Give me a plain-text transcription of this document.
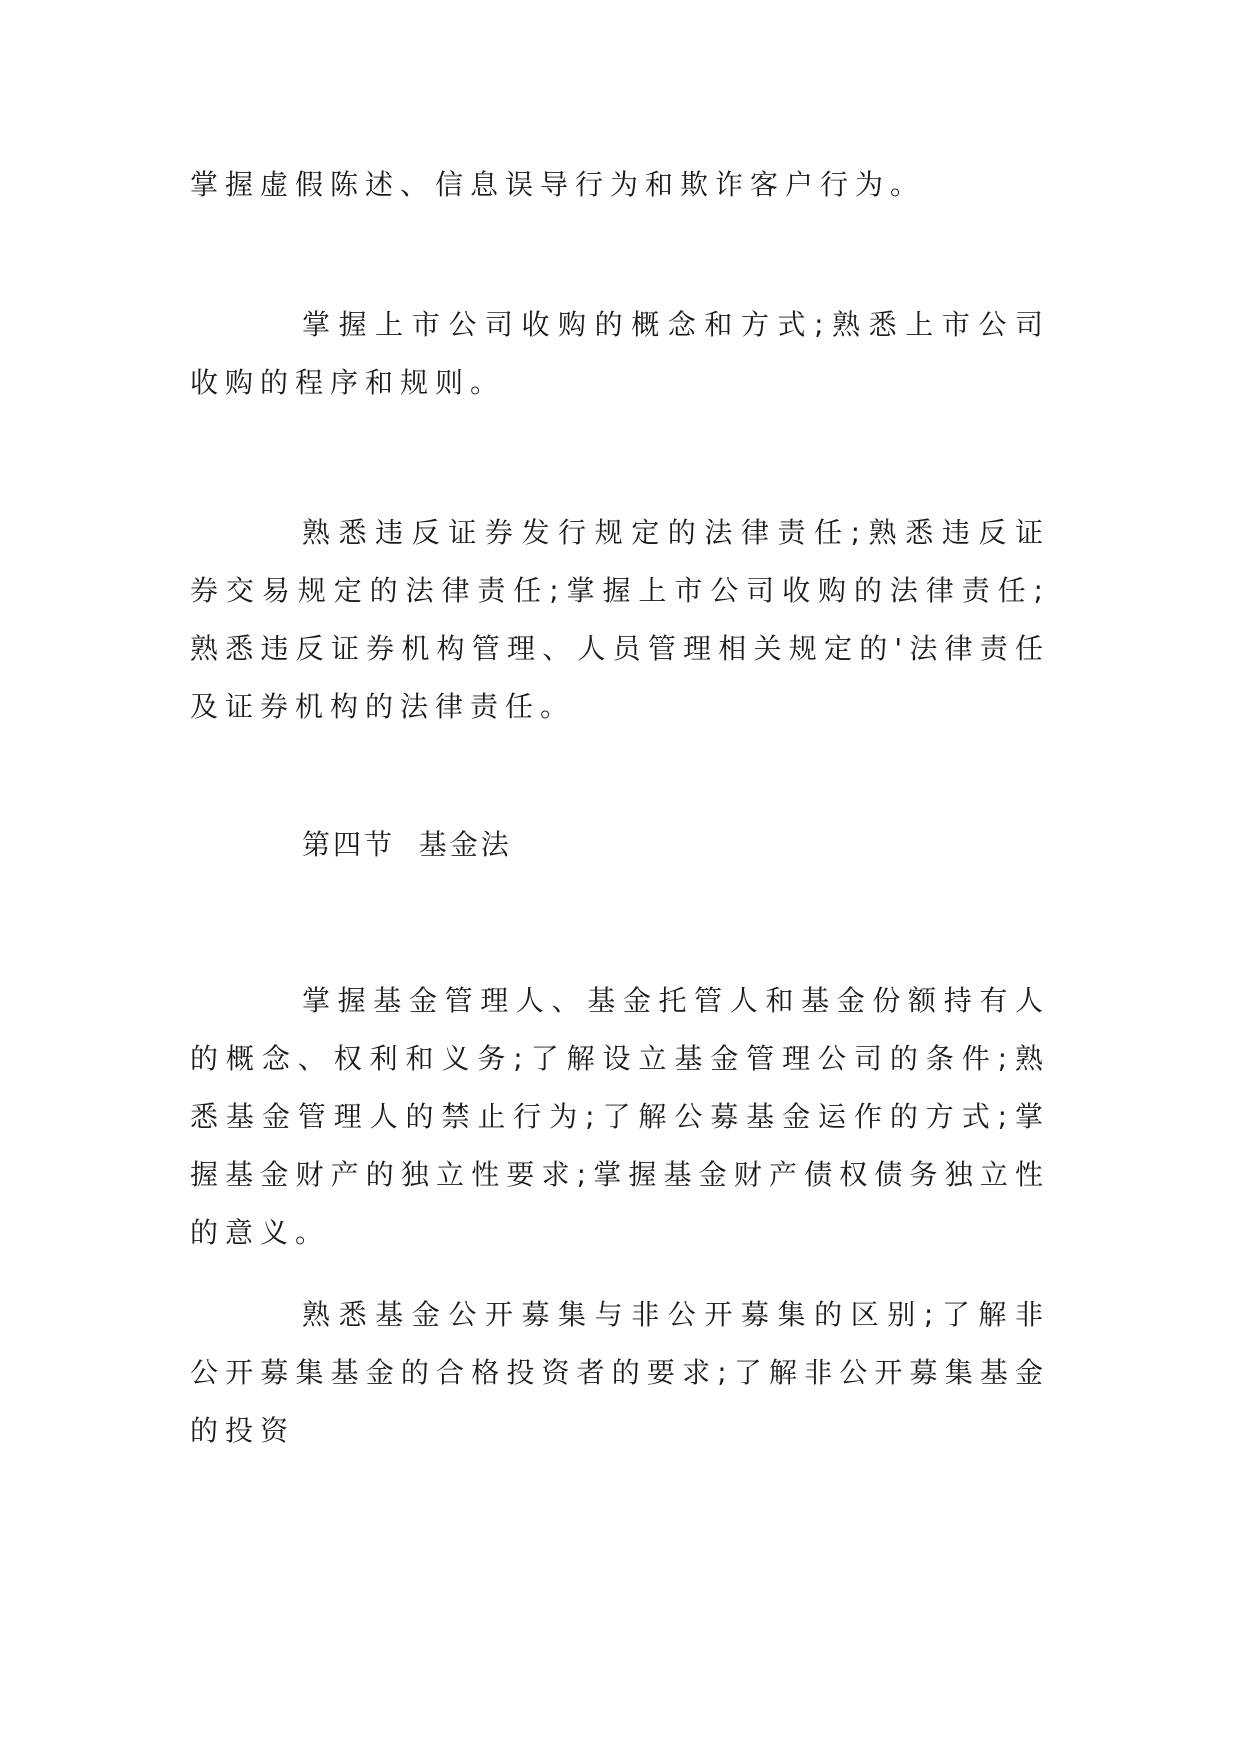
掌握虚假陈述、信息误导行为和欺诈客户行为。

掌握上市公司收购的概念和方式;熟悉上市公司收购的程序和规则。

熟悉违反证券发行规定的法律责任;熟悉违反证券交易规定的法律责任;掌握上市公司收购的法律责任;熟悉违反证券机构管理、人员管理相关规定的'法律责任及证券机构的法律责任。

第四节  基金法

掌握基金管理人、基金托管人和基金份额持有人的概念、权利和义务;了解设立基金管理公司的条件;熟悉基金管理人的禁止行为;了解公募基金运作的方式;掌握基金财产的独立性要求;掌握基金财产债权债务独立性的意义。

熟悉基金公开募集与非公开募集的区别;了解非公开募集基金的合格投资者的要求;了解非公开募集基金的投资
